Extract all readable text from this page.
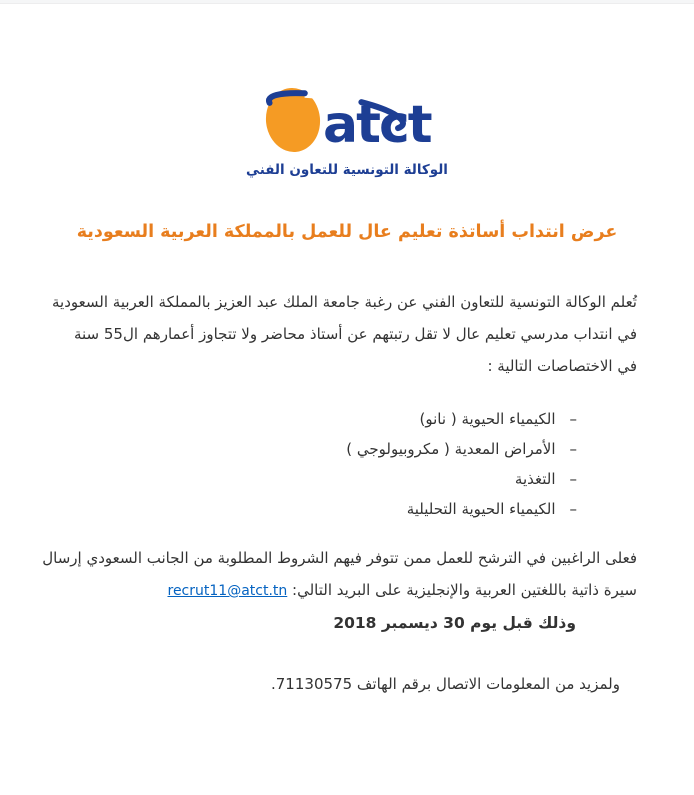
atct
الوكالة التونسية للتعاون الفني
عرض انتداب أساتذة تعليم عال للعمل بالمملكة العربية السعودية
تُعلم الوكالة التونسية للتعاون الفني عن رغبة جامعة الملك عبد العزيز بالمملكة العربية السعودية
في انتداب مدرسي تعليم عال لا تقل رتبتهم عن أستاذ محاضر ولا تتجاوز أعمارهم ال55 سنة
في الاختصاصات التالية :
–الكيمياء الحيوية ( نانو)
–الأمراض المعدية ( مكروبيولوجي )
–التغذية
–الكيمياء الحيوية التحليلية
فعلى الراغبين في الترشح للعمل ممن تتوفر فيهم الشروط المطلوبة من الجانب السعودي إرسال
سيرة ذاتية باللغتين العربية والإنجليزية على البريد التالي: recrut11@atct.tn
وذلك قبل يوم 30 ديسمبر 2018
ولمزيد من المعلومات الاتصال برقم الهاتف 71130575.
